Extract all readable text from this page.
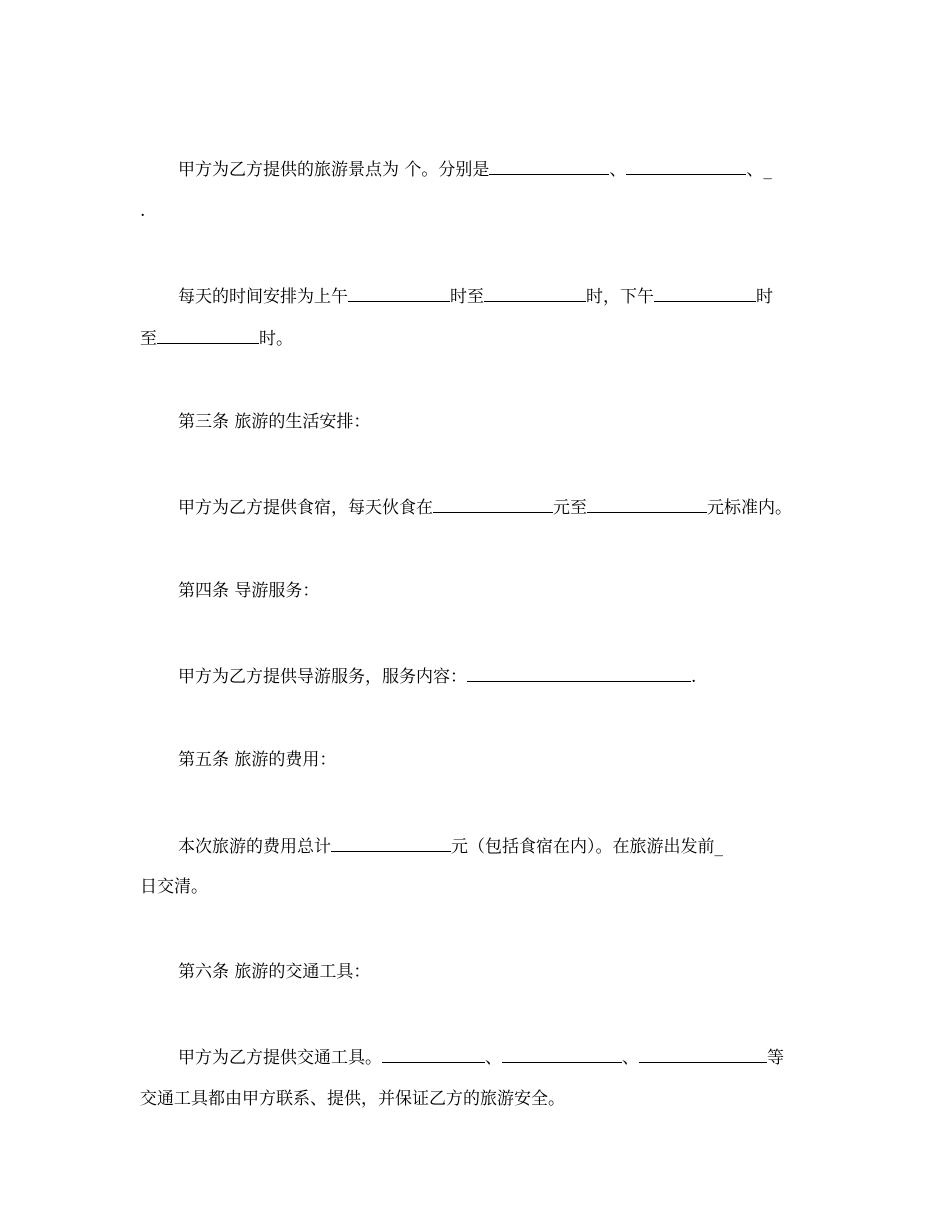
甲方为乙方提供的旅游景点为 个。分别是	、	、_
.
每天的时间安排为上午	时至	时，下午	时
至	时。
第三条 旅游的生活安排：
甲方为乙方提供食宿，每天伙食在	元至	元标准内。
第四条 导游服务：
甲方为乙方提供导游服务，服务内容：	.
第五条 旅游的费用：
本次旅游的费用总计	元（包括食宿在内）。在旅游出发前_
日交清。
第六条 旅游的交通工具：
甲方为乙方提供交通工具。	、	、	等
交通工具都由甲方联系、提供，并保证乙方的旅游安全。
